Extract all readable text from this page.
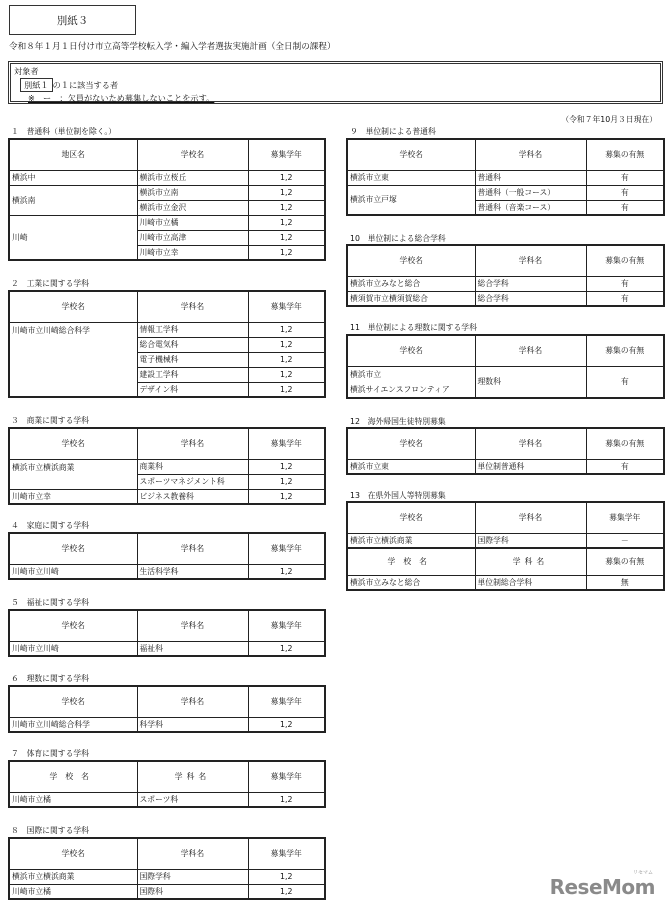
別紙３
令和８年１月１日付け市立高等学校転入学・編入学者選抜実施計画（全日制の課程）
対象者
別紙１ の１に該当する者
※　ー　：欠員がないため募集しないことを示す。
（令和７年10月３日現在）
１　普通科（単位制を除く。）
地区名	学校名	募集学年
横浜中	横浜市立桜丘	1,2
横浜南	横浜市立南	1,2
	横浜市立金沢	1,2
川崎	川崎市立橘	1,2
	川崎市立高津	1,2
	川崎市立幸	1,2
２　工業に関する学科
学校名	学科名	募集学年
川崎市立川崎総合科学	情報工学科	1,2
	総合電気科	1,2
	電子機械科	1,2
	建設工学科	1,2
	デザイン科	1,2
３　商業に関する学科
学校名	学科名	募集学年
横浜市立横浜商業	商業科	1,2
	スポーツマネジメント科	1,2
川崎市立幸	ビジネス教養科	1,2
４　家庭に関する学科
学校名	学科名	募集学年
川崎市立川崎	生活科学科	1,2
５　福祉に関する学科
学校名	学科名	募集学年
川崎市立川崎	福祉科	1,2
６　理数に関する学科
学校名	学科名	募集学年
川崎市立川崎総合科学	科学科	1,2
７　体育に関する学科
学校名	学科名	募集学年
川崎市立橘	スポーツ科	1,2
８　国際に関する学科
学校名	学科名	募集学年
横浜市立横浜商業	国際学科	1,2
川崎市立橘	国際科	1,2
９　単位制による普通科
学校名	学科名	募集の有無
横浜市立東	普通科	有
横浜市立戸塚	普通科（一般コース）	有
	普通科（音楽コース）	有
10　単位制による総合学科
学校名	学科名	募集の有無
横浜市立みなと総合	総合学科	有
横須賀市立横須賀総合	総合学科	有
11　単位制による理数に関する学科
学校名	学科名	募集の有無

横浜市立
横浜サイエンスフロンティア	理数科	有
12　海外帰国生徒特別募集
学校名	学科名	募集の有無
横浜市立東	単位制普通科	有
13　在県外国人等特別募集
学校名	学科名	募集学年
横浜市立横浜商業	国際学科	－
学校名	学科名	募集の有無
横浜市立みなと総合	単位制総合学科	無
ReseMom
リセマム
